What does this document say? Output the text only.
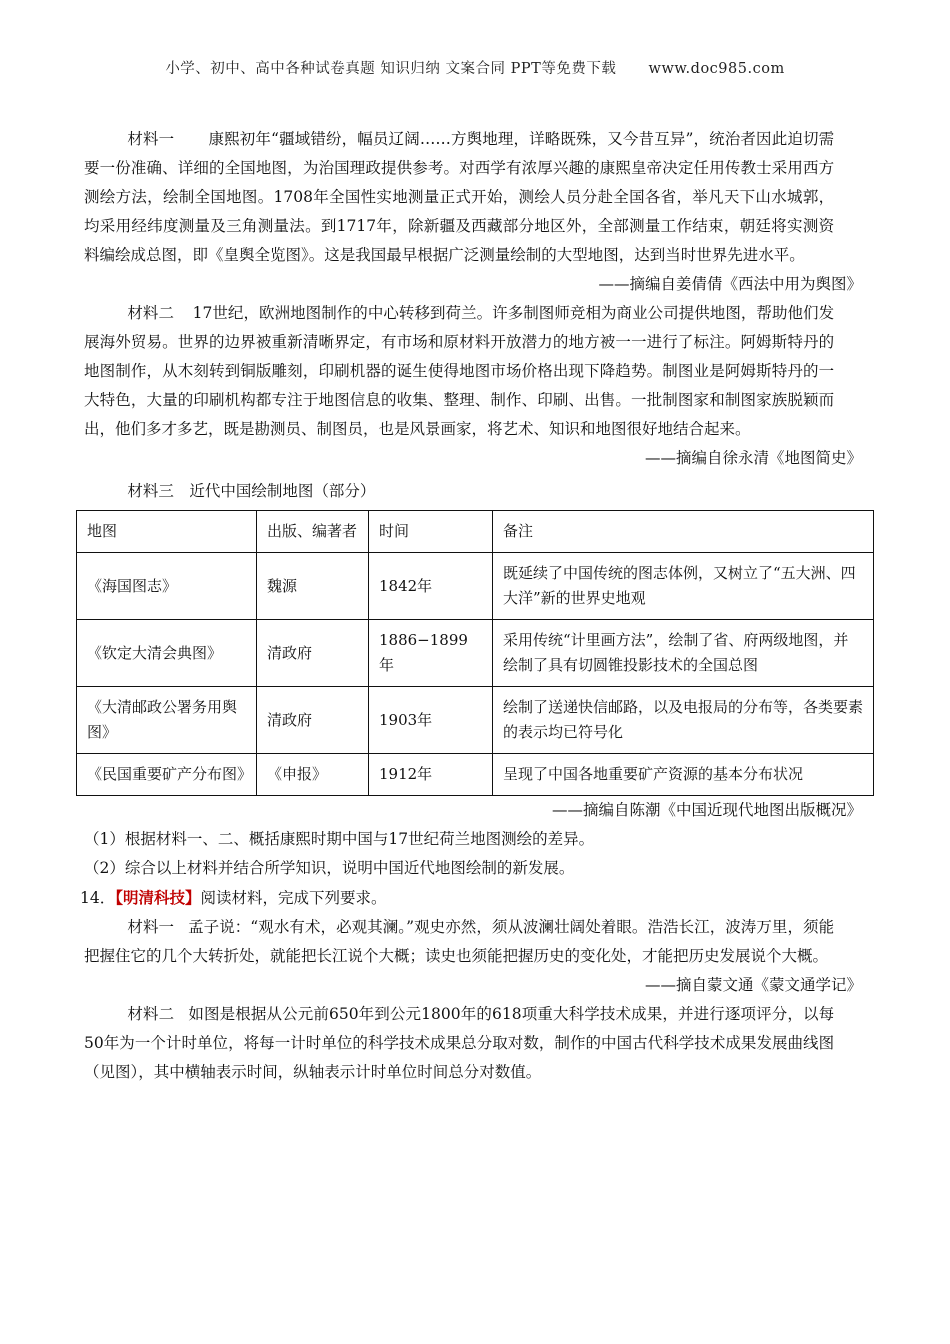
小学、初中、高中各种试卷真题 知识归纳 文案合同 PPT等免费下载 www.doc985.com

材料一 康熙初年“疆域错纷，幅员辽阔……方舆地理，详略既殊，又今昔互异”，统治者因此迫切需要一份准确、详细的全国地图，为治国理政提供参考。对西学有浓厚兴趣的康熙皇帝决定任用传教士采用西方测绘方法，绘制全国地图。1708年全国性实地测量正式开始，测绘人员分赴全国各省，举凡天下山水城郭，均采用经纬度测量及三角测量法。到1717年，除新疆及西藏部分地区外，全部测量工作结束，朝廷将实测资料编绘成总图，即《皇舆全览图》。这是我国最早根据广泛测量绘制的大型地图，达到当时世界先进水平。

——摘编自姜倩倩《西法中用为舆图》

材料二 17世纪，欧洲地图制作的中心转移到荷兰。许多制图师竞相为商业公司提供地图，帮助他们发展海外贸易。世界的边界被重新清晰界定，有市场和原材料开放潜力的地方被一一进行了标注。阿姆斯特丹的地图制作，从木刻转到铜版雕刻，印刷机器的诞生使得地图市场价格出现下降趋势。制图业是阿姆斯特丹的一大特色，大量的印刷机构都专注于地图信息的收集、整理、制作、印刷、出售。一批制图家和制图家族脱颖而出，他们多才多艺，既是勘测员、制图员，也是风景画家，将艺术、知识和地图很好地结合起来。

——摘编自徐永清《地图简史》

材料三　近代中国绘制地图（部分）

地图	出版、编著者	时间	备注
《海国图志》	魏源	1842年	既延续了中国传统的图志体例，又树立了“五大洲、四大洋”新的世界史地观
《钦定大清会典图》	清政府	1886−1899年	采用传统“计里画方法”，绘制了省、府两级地图，并绘制了具有切圆锥投影技术的全国总图
《大清邮政公署务用舆图》	清政府	1903年	绘制了送递快信邮路，以及电报局的分布等，各类要素的表示均已符号化
《民国重要矿产分布图》	《申报》	1912年	呈现了中国各地重要矿产资源的基本分布状况

——摘编自陈潮《中国近现代地图出版概况》

（1）根据材料一、二、概括康熙时期中国与17世纪荷兰地图测绘的差异。

（2）综合以上材料并结合所学知识，说明中国近代地图绘制的新发展。

14．【明清科技】阅读材料，完成下列要求。

材料一 孟子说：“观水有术，必观其澜。”观史亦然，须从波澜壮阔处着眼。浩浩长江，波涛万里，须能把握住它的几个大转折处，就能把长江说个大概；读史也须能把握历史的变化处，才能把历史发展说个大概。

——摘自蒙文通《蒙文通学记》

材料二 如图是根据从公元前650年到公元1800年的618项重大科学技术成果，并进行逐项评分，以每50年为一个计时单位，将每一计时单位的科学技术成果总分取对数，制作的中国古代科学技术成果发展曲线图（见图），其中横轴表示时间，纵轴表示计时单位时间总分对数值。
